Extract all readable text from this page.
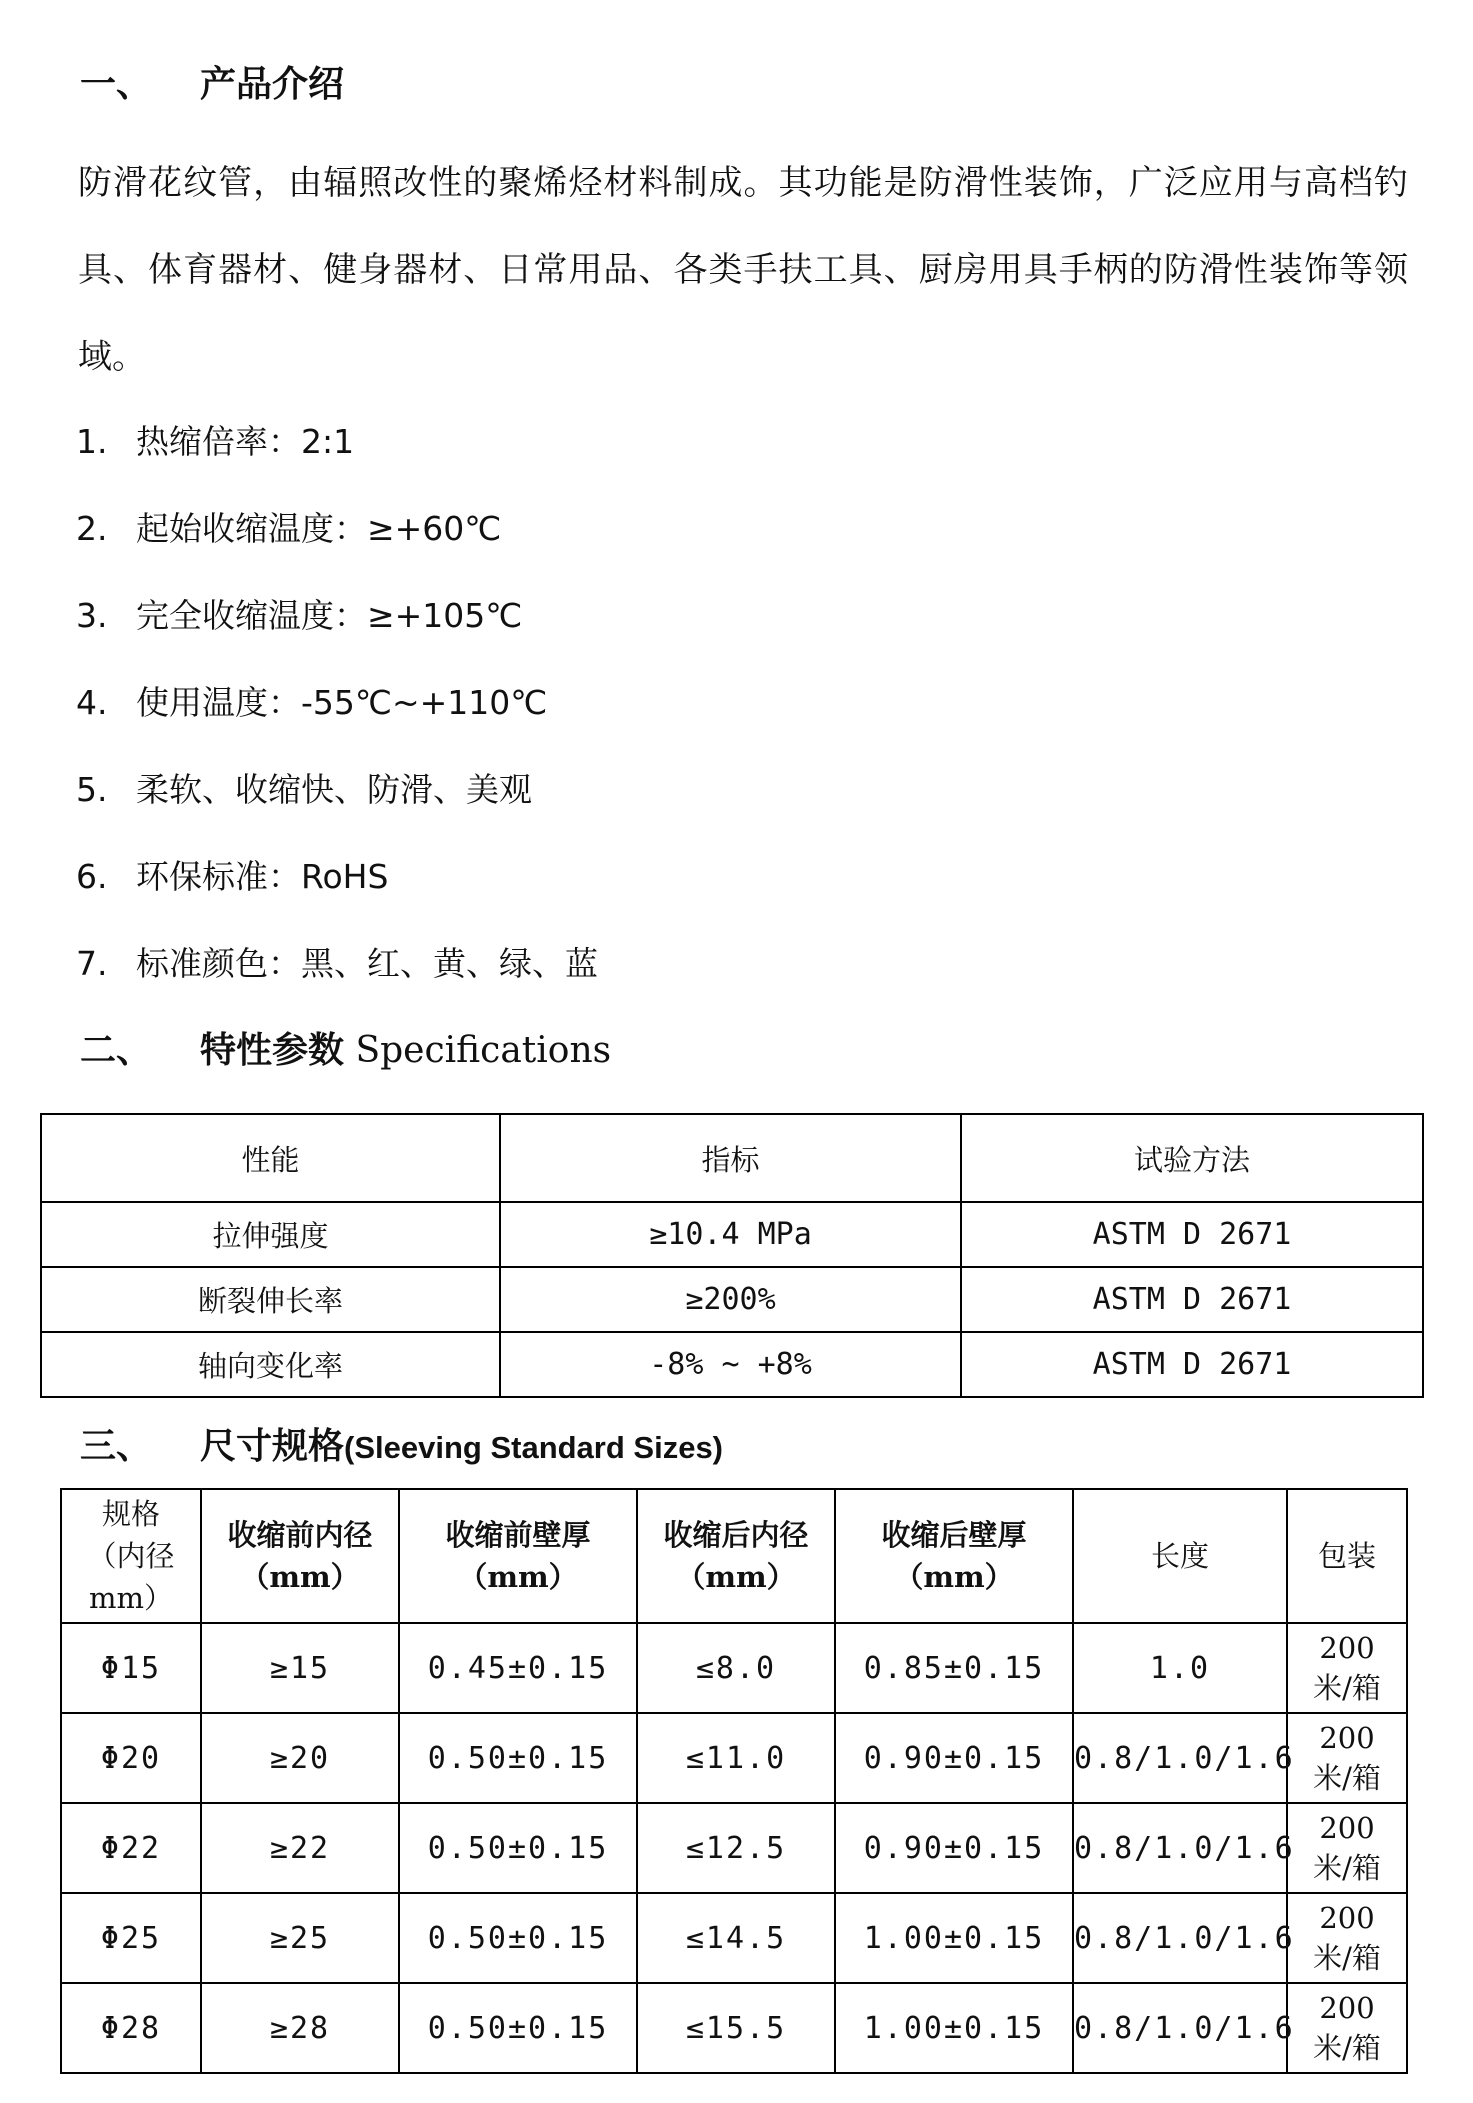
一、 产品介绍
防滑花纹管，由辐照改性的聚烯烃材料制成。其功能是防滑性装饰，广泛应用与高档钓具、体育器材、健身器材、日常用品、各类手扶工具、厨房用具手柄的防滑性装饰等领域。
1. 热缩倍率：2:1
2. 起始收缩温度：≥+60℃
3. 完全收缩温度：≥+105℃
4. 使用温度：-55℃~+110℃
5. 柔软、收缩快、防滑、美观
6. 环保标准：RoHS
7. 标准颜色：黑、红、黄、绿、蓝
二、 特性参数 Specifications
性能	指标	试验方法
拉伸强度	≥10.4 MPa	ASTM D 2671
断裂伸长率	≥200%	ASTM D 2671
轴向变化率	-8% ~ +8%	ASTM D 2671
三、 尺寸规格(Sleeving Standard Sizes)
规格
（内径
mm）	收缩前内径
（mm）	收缩前壁厚
（mm）	收缩后内径
（mm）	收缩后壁厚
（mm）	长度	包装
Φ15	≥15	0.45±0.15	≤8.0	0.85±0.15	1.0	200
米/箱
Φ20	≥20	0.50±0.15	≤11.0	0.90±0.15	0.8/1.0/1.6	200
米/箱
Φ22	≥22	0.50±0.15	≤12.5	0.90±0.15	0.8/1.0/1.6	200
米/箱
Φ25	≥25	0.50±0.15	≤14.5	1.00±0.15	0.8/1.0/1.6	200
米/箱
Φ28	≥28	0.50±0.15	≤15.5	1.00±0.15	0.8/1.0/1.6	200
米/箱
